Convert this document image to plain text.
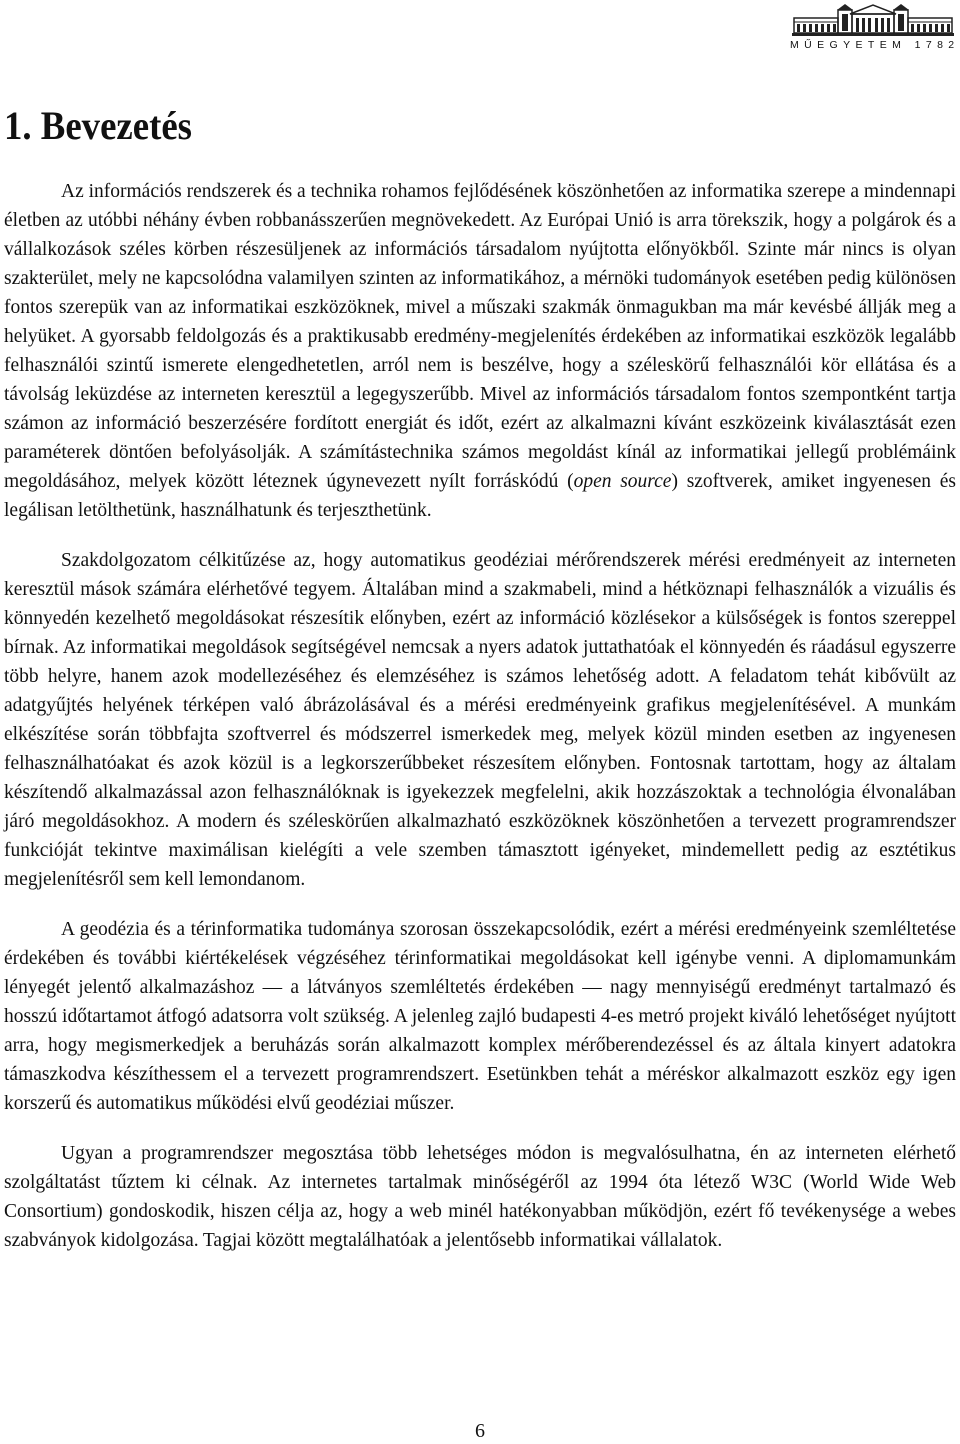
MŰEGYETEM 1782
1. Bevezetés

Az információs rendszerek és a technika rohamos fejlődésének köszönhetően az informatika szerepe a mindennapi életben az utóbbi néhány évben robbanásszerűen megnövekedett. Az Európai Unió is arra törekszik, hogy a polgárok és a vállalkozások széles körben részesüljenek az információs társadalom nyújtotta előnyökből. Szinte már nincs is olyan szakterület, mely ne kapcsolódna valamilyen szinten az informatikához, a mérnöki tudományok esetében pedig különösen fontos szerepük van az informatikai eszközöknek, mivel a műszaki szakmák önmagukban ma már kevésbé állják meg a helyüket. A gyorsabb feldolgozás és a praktikusabb eredmény-megjelenítés érdekében az informatikai eszközök legalább felhasználói szintű ismerete elengedhetetlen, arról nem is beszélve, hogy a széleskörű felhasználói kör ellátása és a távolság leküzdése az interneten keresztül a legegyszerűbb. Mivel az információs társadalom fontos szempontként tartja számon az információ beszerzésére fordított energiát és időt, ezért az alkalmazni kívánt eszközeink kiválasztását ezen paraméterek döntően befolyásolják. A számítástechnika számos megoldást kínál az informatikai jellegű problémáink megoldásához, melyek között léteznek úgynevezett nyílt forráskódú (open source) szoftverek, amiket ingyenesen és legálisan letölthetünk, használhatunk és terjeszthetünk.

Szakdolgozatom célkitűzése az, hogy automatikus geodéziai mérőrendszerek mérési eredményeit az interneten keresztül mások számára elérhetővé tegyem. Általában mind a szakmabeli, mind a hétköznapi felhasználók a vizuális és könnyedén kezelhető megoldásokat részesítik előnyben, ezért az információ közlésekor a külsőségek is fontos szereppel bírnak. Az informatikai megoldások segítségével nemcsak a nyers adatok juttathatóak el könnyedén és ráadásul egyszerre több helyre, hanem azok modellezéséhez és elemzéséhez is számos lehetőség adott. A feladatom tehát kibővült az adatgyűjtés helyének térképen való ábrázolásával és a mérési eredményeink grafikus megjelenítésével. A munkám elkészítése során többfajta szoftverrel és módszerrel ismerkedek meg, melyek közül minden esetben az ingyenesen felhasználhatóakat és azok közül is a legkorszerűbbeket részesítem előnyben. Fontosnak tartottam, hogy az általam készítendő alkalmazással azon felhasználóknak is igyekezzek megfelelni, akik hozzászoktak a technológia élvonalában járó megoldásokhoz. A modern és széleskörűen alkalmazható eszközöknek köszönhetően a tervezett programrendszer funkcióját tekintve maximálisan kielégíti a vele szemben támasztott igényeket, mindemellett pedig az esztétikus megjelenítésről sem kell lemondanom.

A geodézia és a térinformatika tudománya szorosan összekapcsolódik, ezért a mérési eredményeink szemléltetése érdekében és további kiértékelések végzéséhez térinformatikai megoldásokat kell igénybe venni. A diplomamunkám lényegét jelentő alkalmazáshoz — a látványos szemléltetés érdekében — nagy mennyiségű eredményt tartalmazó és hosszú időtartamot átfogó adatsorra volt szükség. A jelenleg zajló budapesti 4-es metró projekt kiváló lehetőséget nyújtott arra, hogy megismerkedjek a beruházás során alkalmazott komplex mérőberendezéssel és az általa kinyert adatokra támaszkodva készíthessem el a tervezett programrendszert. Esetünkben tehát a méréskor alkalmazott eszköz egy igen korszerű és automatikus működési elvű geodéziai műszer.

Ugyan a programrendszer megosztása több lehetséges módon is megvalósulhatna, én az interneten elérhető szolgáltatást tűztem ki célnak. Az internetes tartalmak minőségéről az 1994 óta létező W3C (World Wide Web Consortium) gondoskodik, hiszen célja az, hogy a web minél hatékonyabban működjön, ezért fő tevékenysége a webes szabványok kidolgozása. Tagjai között megtalálhatóak a jelentősebb informatikai vállalatok.

6
